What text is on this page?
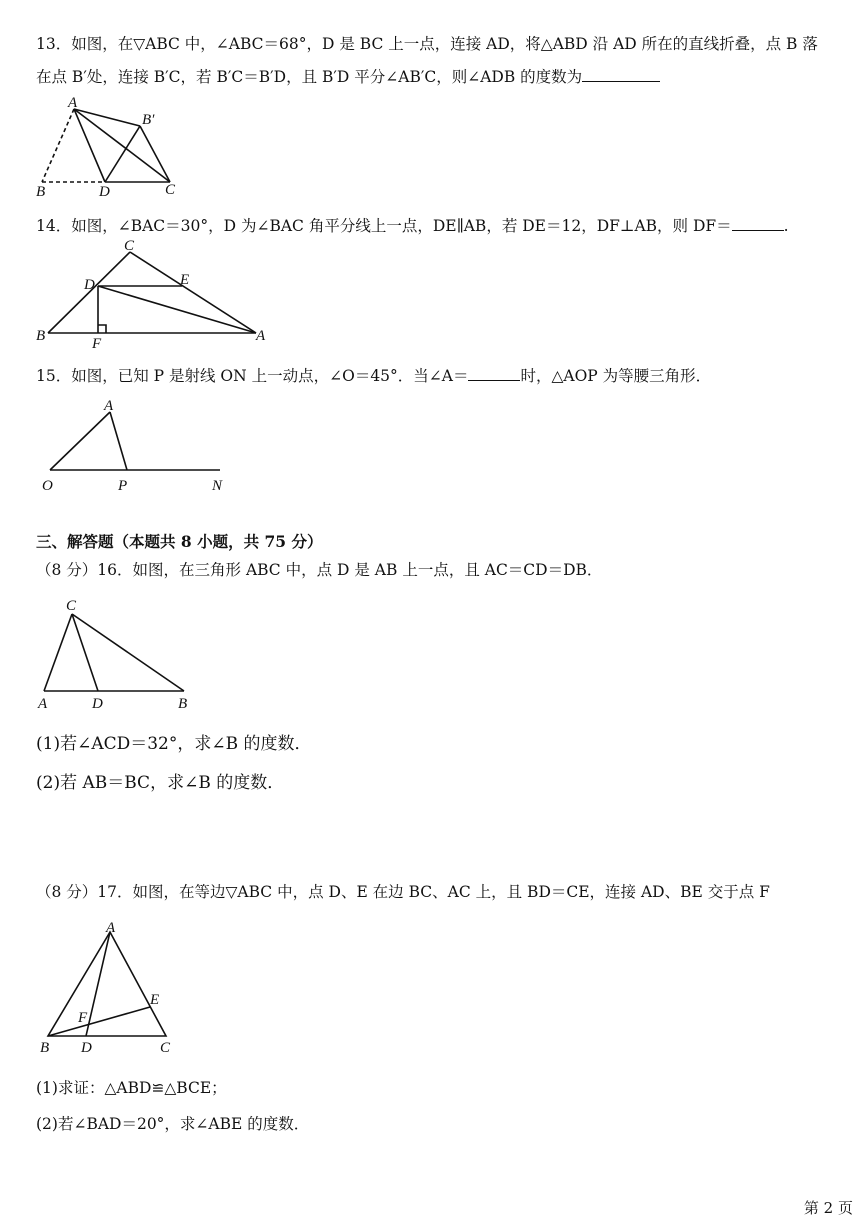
13．如图，在▽ABC 中，∠ABC＝68°，D 是 BC 上一点，连接 AD，将△ABD 沿 AD 所在的直线折叠，点 B 落
在点 B′处，连接 B′C，若 B′C＝B′D，且 B′D 平分∠AB′C，则∠ADB 的度数为
A
B′
B	D	C
14．如图，∠BAC＝30°，D 为∠BAC 角平分线上一点，DE∥AB，若 DE＝12，DF⊥AB，则 DF＝	.
C
D	E
B	A
F
15．如图，已知 P 是射线 ON 上一动点，∠O＝45°．当∠A＝	时，△AOP 为等腰三角形．
A
O	P	N
三、解答题（本题共 8 小题，共 75 分）
（8 分）16．如图，在三角形 ABC 中，点 D 是 AB 上一点，且 AC＝CD＝DB．
C
A	D	B
(1)若∠ACD＝32°，求∠B 的度数．
(2)若 AB＝BC，求∠B 的度数．
（8 分）17．如图，在等边▽ABC 中，点 D、E 在边 BC、AC 上，且 BD＝CE，连接 AD、BE 交于点 F
A
E
F
B D	C
(1)求证：△ABD≌△BCE；
(2)若∠BAD＝20°，求∠ABE 的度数．
第 2 页
